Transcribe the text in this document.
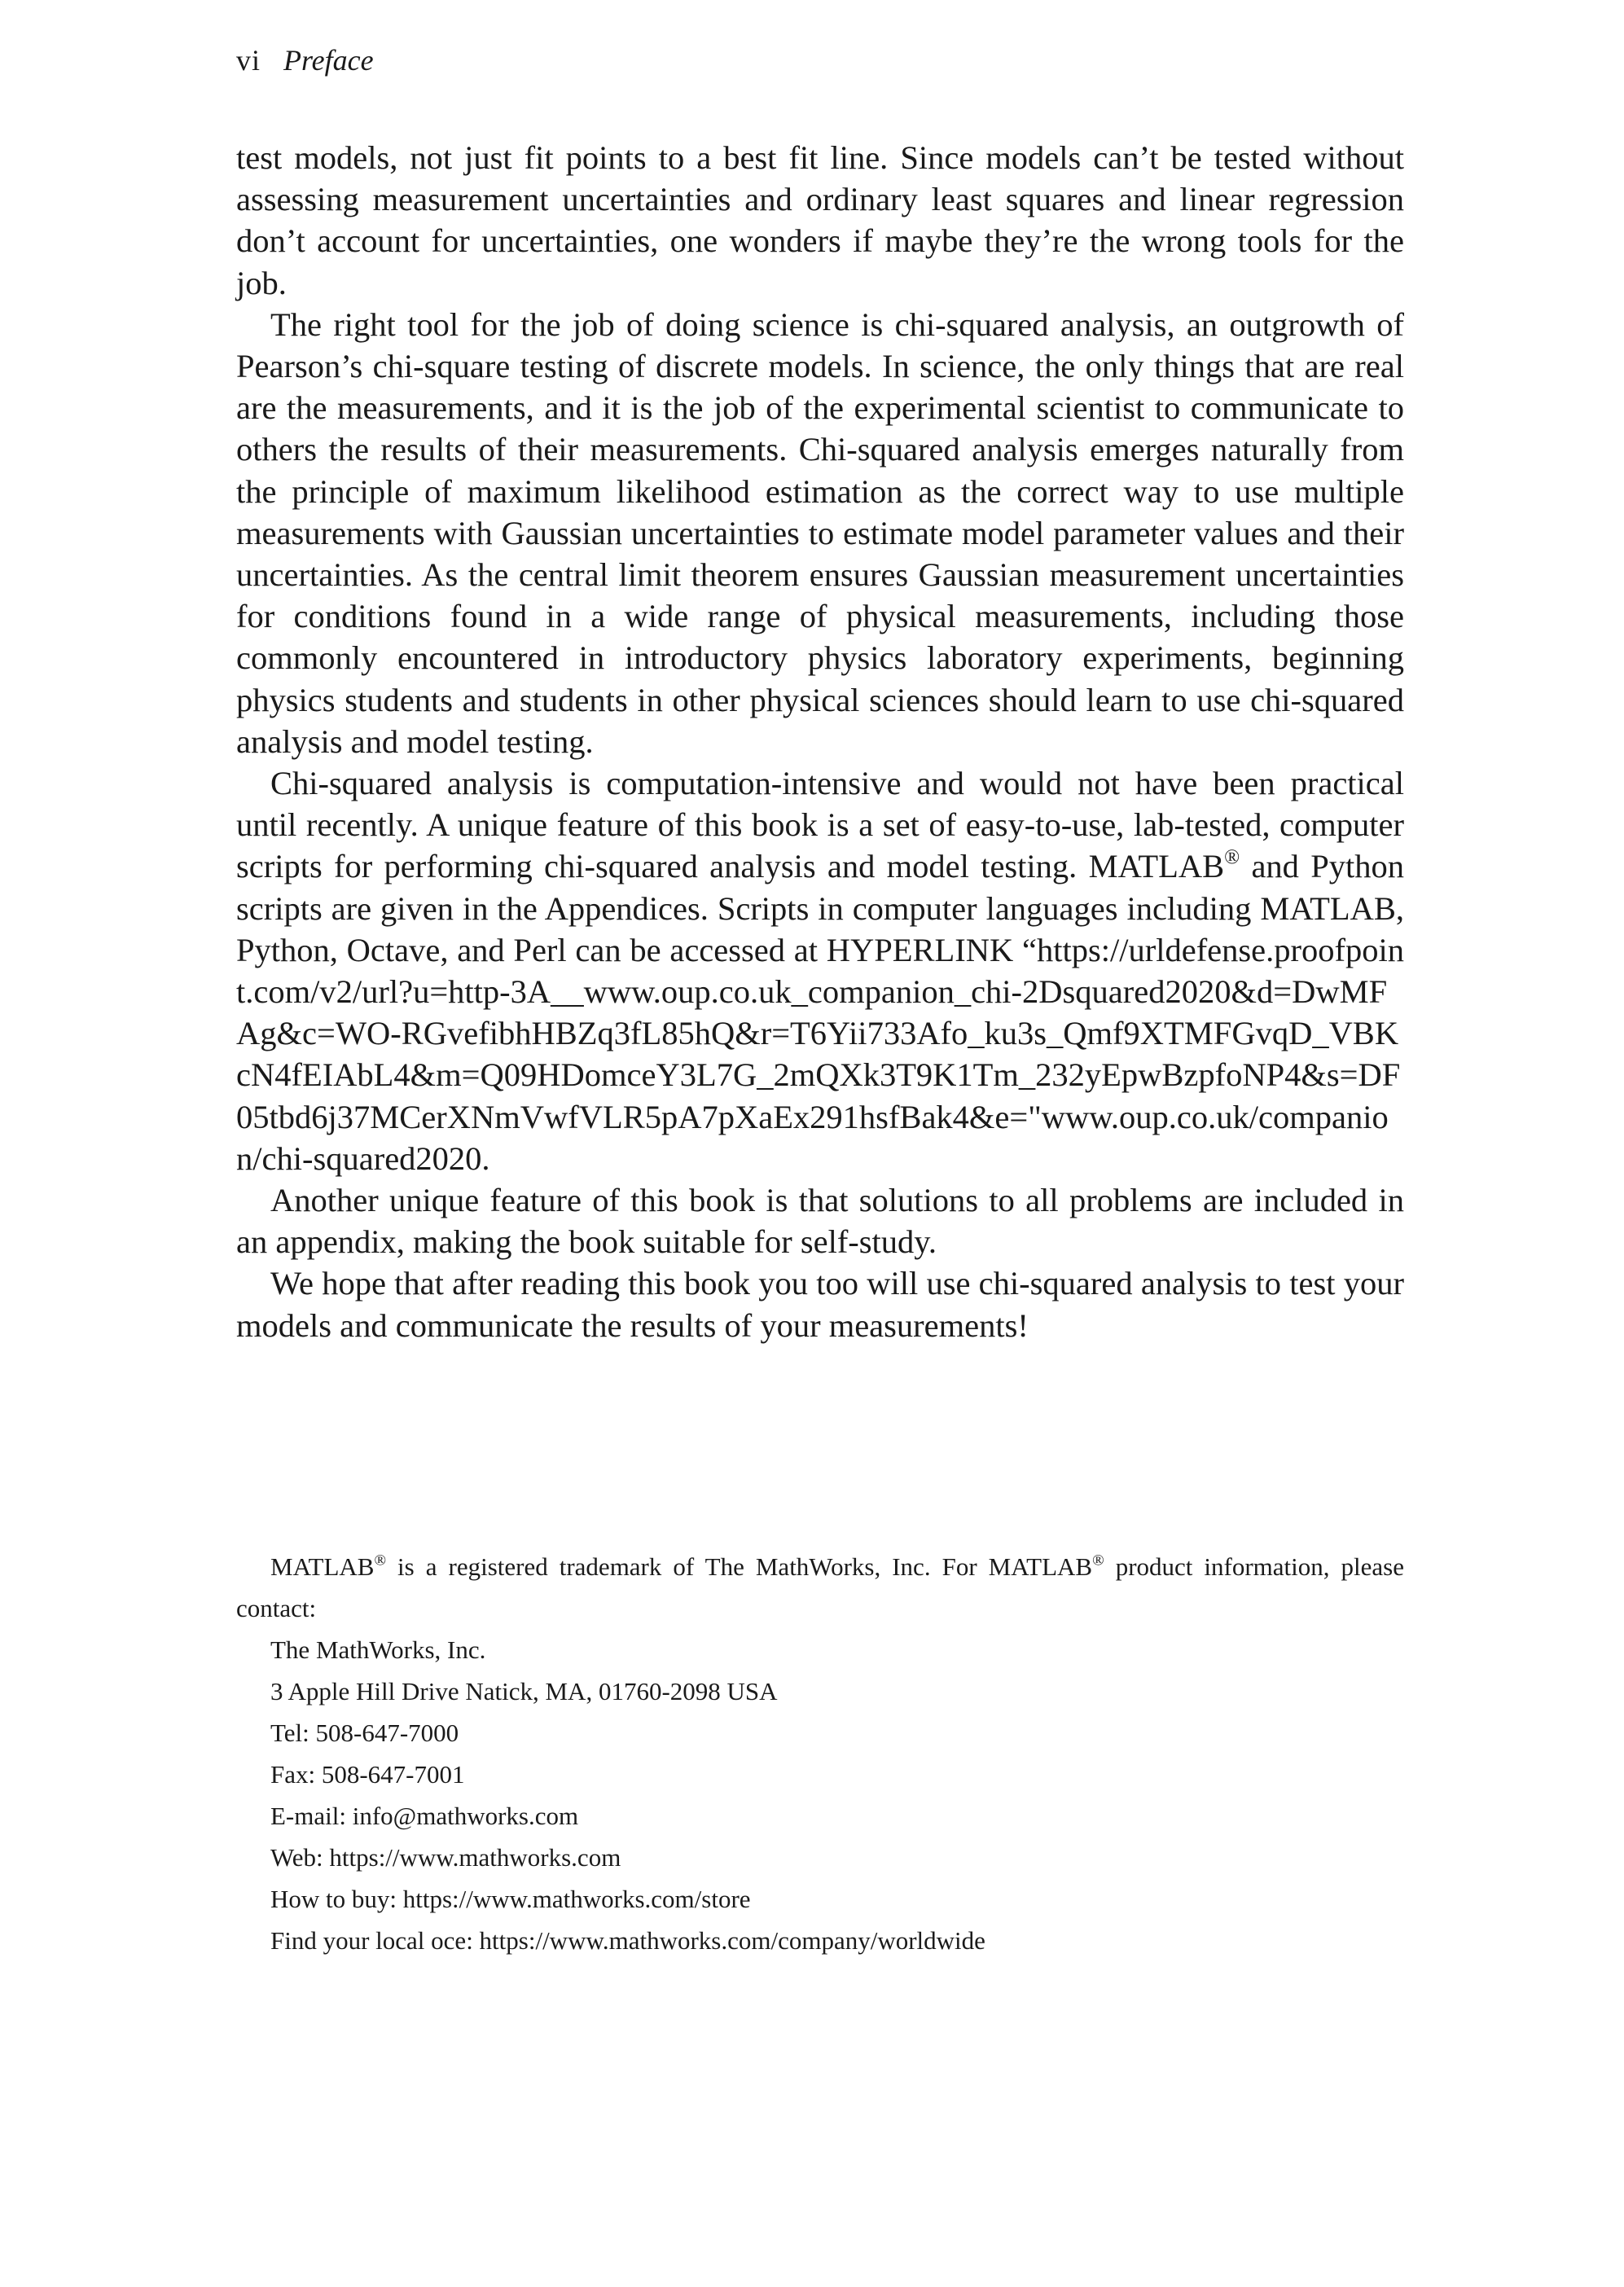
vi Preface

test models, not just fit points to a best fit line. Since models can’t be tested without assessing measurement uncertainties and ordinary least squares and linear regression don’t account for uncertainties, one wonders if maybe they’re the wrong tools for the job.

The right tool for the job of doing science is chi-squared analysis, an outgrowth of Pearson’s chi-square testing of discrete models. In science, the only things that are real are the measurements, and it is the job of the experimental scientist to communicate to others the results of their measurements. Chi-squared analysis emerges naturally from the principle of maximum likelihood estimation as the correct way to use multiple measurements with Gaussian uncertainties to estimate model parameter values and their uncertainties. As the central limit theorem ensures Gaussian measurement uncertainties for conditions found in a wide range of physical measurements, including those commonly encountered in introductory physics laboratory experiments, beginning physics students and students in other physical sciences should learn to use chi-squared analysis and model testing.

Chi-squared analysis is computation-intensive and would not have been practical until recently. A unique feature of this book is a set of easy-to-use, lab-tested, computer scripts for performing chi-squared analysis and model testing. MATLAB® and Python scripts are given in the Appendices. Scripts in computer languages including MATLAB, Python, Octave, and Perl can be accessed at HYPERLINK “https://urldefense.proofpoint.com/v2/url?u=http-3A__www.oup.co.uk_companion_chi-2Dsquared2020&d=DwMFAg&c=WO-RGvefibhHBZq3fL85hQ&r=T6Yii733Afo_ku3s_Qmf9XTMFGvqD_VBKcN4fEIAbL4&m=Q09HDomceY3L7G_2mQXk3T9K1Tm_232yEpwBzpfoNP4&s=DF05tbd6j37MCerXNmVwfVLR5pA7pXaEx291hsfBak4&e="www.oup.co.uk/companion/chi-squared2020.

Another unique feature of this book is that solutions to all problems are included in an appendix, making the book suitable for self-study.

We hope that after reading this book you too will use chi-squared analysis to test your models and communicate the results of your measurements!

MATLAB® is a registered trademark of The MathWorks, Inc. For MATLAB® product information, please contact:

The MathWorks, Inc.
3 Apple Hill Drive Natick, MA, 01760-2098 USA
Tel: 508-647-7000
Fax: 508-647-7001
E-mail: info@mathworks.com
Web: https://www.mathworks.com
How to buy: https://www.mathworks.com/store
Find your local oce: https://www.mathworks.com/company/worldwide
